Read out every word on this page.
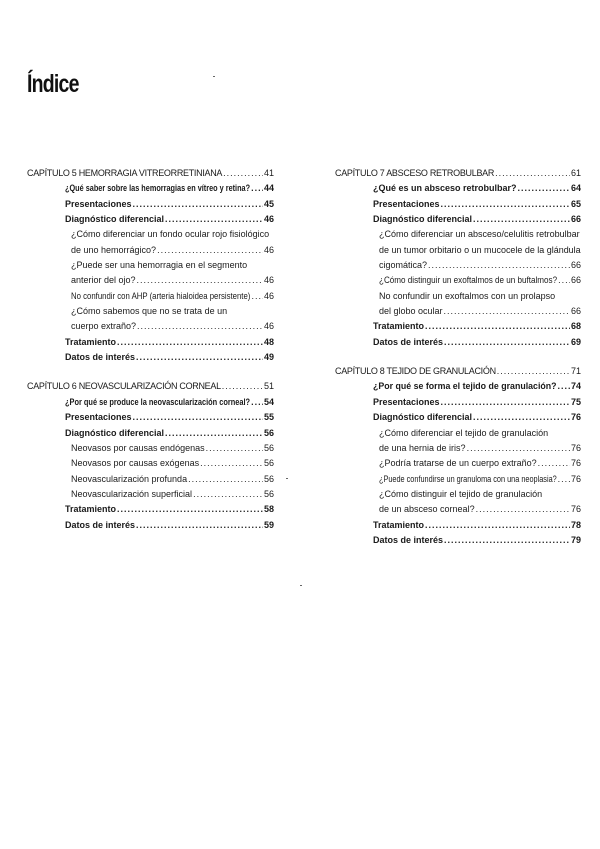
Índice
CAPÍTULO 5 HEMORRAGIA VITREORRETINIANA .....	41
¿Qué saber sobre las hemorragias en vítreo y retina? ..... 44
Presentaciones .....	45
Diagnóstico diferencial .....	46
¿Cómo diferenciar un fondo ocular rojo fisiológico
de uno hemorrágico? .....	46
¿Puede ser una hemorragia en el segmento
anterior del ojo? .....	46
No confundir con AHP (arteria hialoidea persistente) ..... 46
¿Cómo sabemos que no se trata de un
cuerpo extraño? .....	46
Tratamiento .....	48
Datos de interés .....	49
CAPÍTULO 6 NEOVASCULARIZACIÓN CORNEAL .....	51
¿Por qué se produce la neovascularización corneal? ..... 54
Presentaciones .....	55
Diagnóstico diferencial .....	56
Neovasos por causas endógenas .....	56
Neovasos por causas exógenas .....	56
Neovascularización profunda .....	56
Neovascularización superficial .....	56
Tratamiento .....	58
Datos de interés .....	59
CAPÍTULO 7 ABSCESO RETROBULBAR .....	61
¿Qué es un absceso retrobulbar? .....	64
Presentaciones .....	65
Diagnóstico diferencial .....	66
¿Cómo diferenciar un absceso/celulitis retrobulbar
de un tumor orbitario o un mucocele de la glándula
cigomática? .....	66
¿Cómo distinguir un exoftalmos de un buftalmos? ..... 66
No confundir un exoftalmos con un prolapso
del globo ocular .....	66
Tratamiento .....	68
Datos de interés .....	69
CAPÍTULO 8 TEJIDO DE GRANULACIÓN .....	71
¿Por qué se forma el tejido de granulación? ..... 74
Presentaciones .....	75
Diagnóstico diferencial .....	76
¿Cómo diferenciar el tejido de granulación
de una hernia de iris? .....	76
¿Podría tratarse de un cuerpo extraño? .....	76
¿Puede confundirse un granuloma con una neoplasia? ..... 76
¿Cómo distinguir el tejido de granulación
de un absceso corneal? .....	76
Tratamiento .....	78
Datos de interés .....	79
